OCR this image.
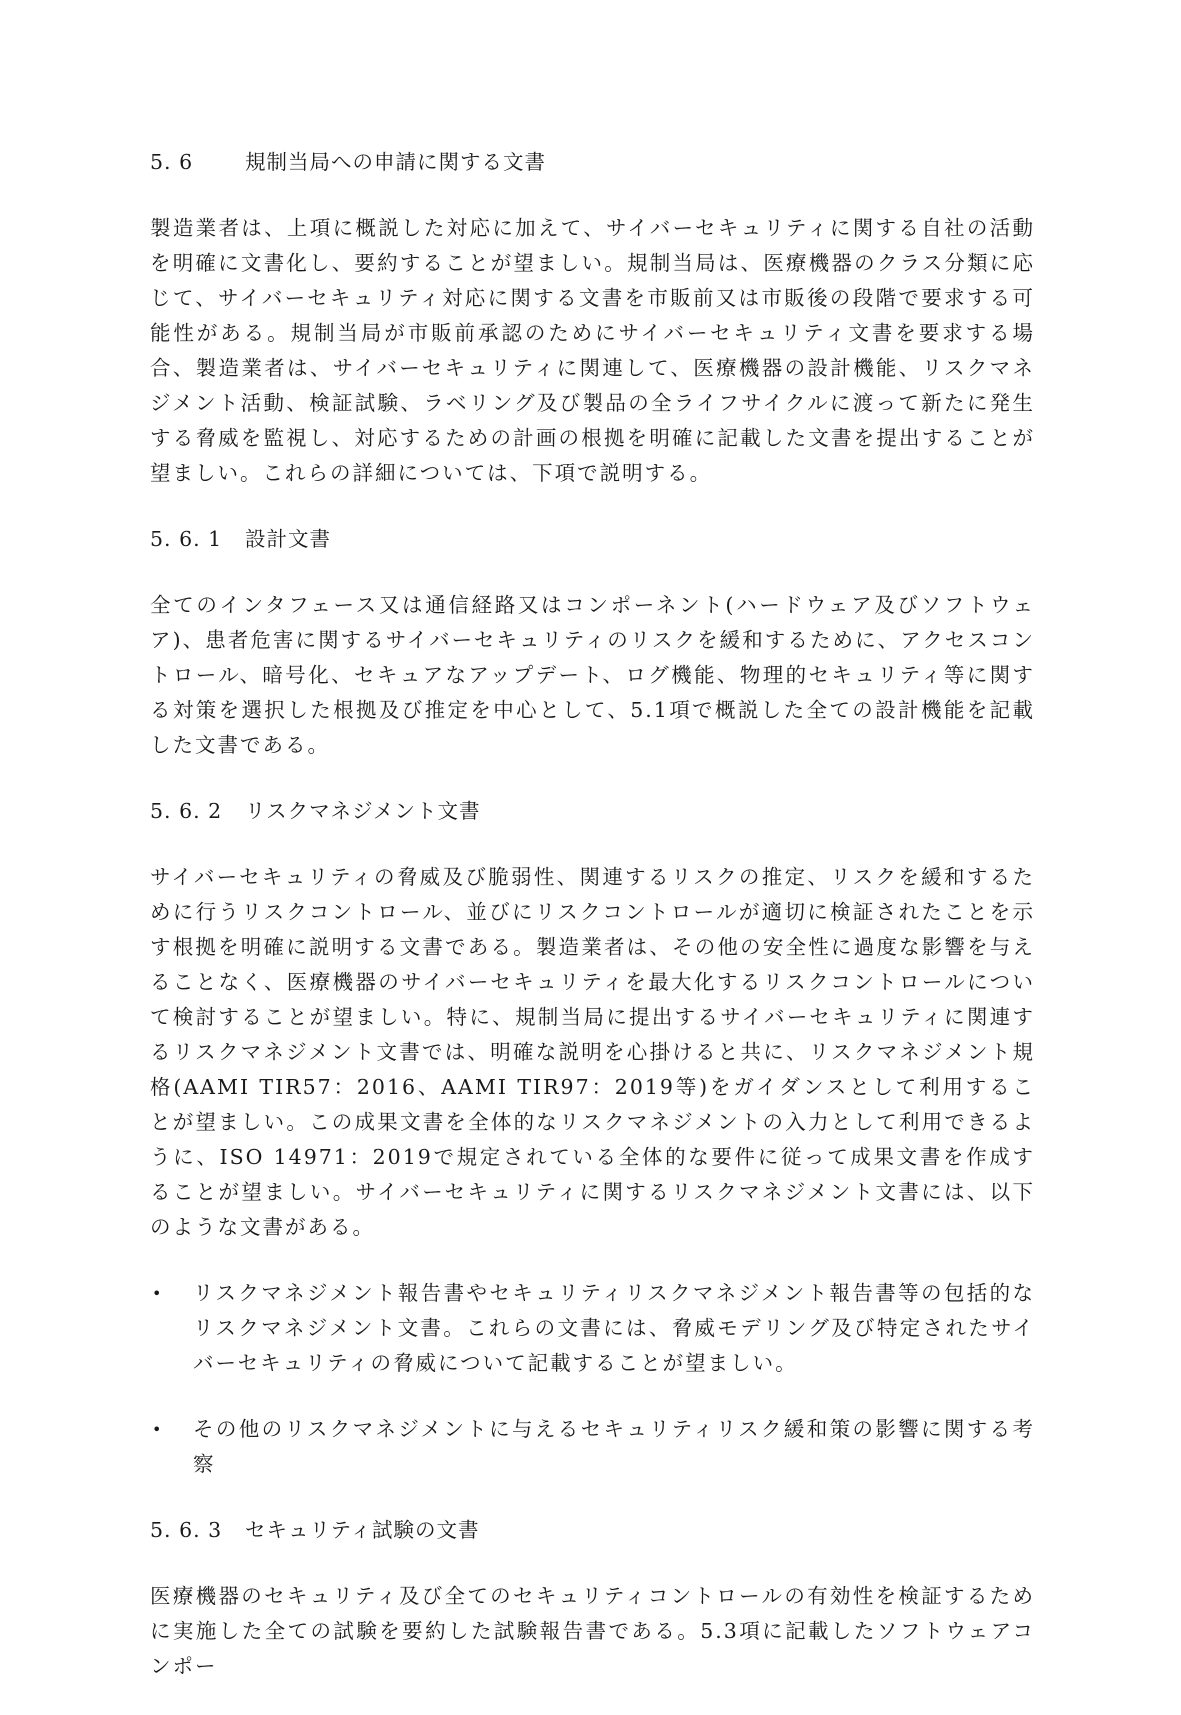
5. 6	規制当局への申請に関する文書

製造業者は、上項に概説した対応に加えて、サイバーセキュリティに関する自社の活動を明確に文書化し、要約することが望ましい。規制当局は、医療機器のクラス分類に応じて、サイバーセキュリティ対応に関する文書を市販前又は市販後の段階で要求する可能性がある。規制当局が市販前承認のためにサイバーセキュリティ文書を要求する場合、製造業者は、サイバーセキュリティに関連して、医療機器の設計機能、リスクマネジメント活動、検証試験、ラベリング及び製品の全ライフサイクルに渡って新たに発生する脅威を監視し、対応するための計画の根拠を明確に記載した文書を提出することが望ましい。これらの詳細については、下項で説明する。

5. 6. 1 設計文書

全てのインタフェース又は通信経路又はコンポーネント(ハードウェア及びソフトウェア)、患者危害に関するサイバーセキュリティのリスクを緩和するために、アクセスコントロール、暗号化、セキュアなアップデート、ログ機能、物理的セキュリティ等に関する対策を選択した根拠及び推定を中心として、5.1項で概説した全ての設計機能を記載した文書である。

5. 6. 2 リスクマネジメント文書

サイバーセキュリティの脅威及び脆弱性、関連するリスクの推定、リスクを緩和するために行うリスクコントロール、並びにリスクコントロールが適切に検証されたことを示す根拠を明確に説明する文書である。製造業者は、その他の安全性に過度な影響を与えることなく、医療機器のサイバーセキュリティを最大化するリスクコントロールについて検討することが望ましい。特に、規制当局に提出するサイバーセキュリティに関連するリスクマネジメント文書では、明確な説明を心掛けると共に、リスクマネジメント規格(AAMI TIR57：2016、AAMI TIR97：2019等)をガイダンスとして利用することが望ましい。この成果文書を全体的なリスクマネジメントの入力として利用できるように、ISO 14971：2019で規定されている全体的な要件に従って成果文書を作成することが望ましい。サイバーセキュリティに関するリスクマネジメント文書には、以下のような文書がある。

• リスクマネジメント報告書やセキュリティリスクマネジメント報告書等の包括的なリスクマネジメント文書。これらの文書には、脅威モデリング及び特定されたサイバーセキュリティの脅威について記載することが望ましい。
• その他のリスクマネジメントに与えるセキュリティリスク緩和策の影響に関する考察
5. 6. 3 セキュリティ試験の文書

医療機器のセキュリティ及び全てのセキュリティコントロールの有効性を検証するために実施した全ての試験を要約した試験報告書である。5.3項に記載したソフトウェアコンポー
